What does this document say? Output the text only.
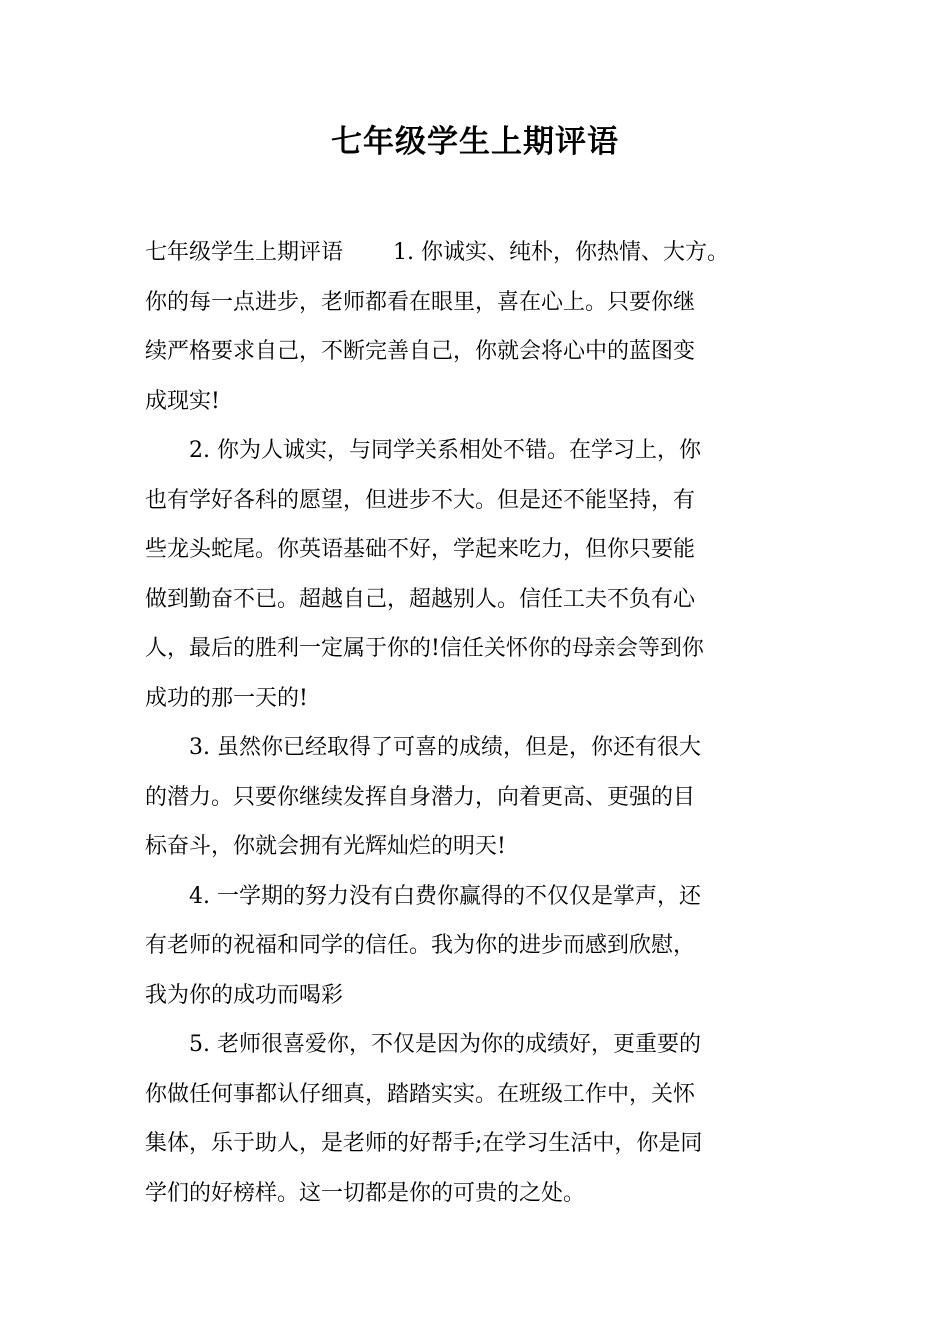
七年级学生上期评语
七年级学生上期评语 1. 你诚实、纯朴，你热情、大方。
你的每一点进步，老师都看在眼里，喜在心上。只要你继
续严格要求自己，不断完善自己，你就会将心中的蓝图变
成现实!
2. 你为人诚实，与同学关系相处不错。在学习上，你
也有学好各科的愿望，但进步不大。但是还不能坚持，有
些龙头蛇尾。你英语基础不好，学起来吃力，但你只要能
做到勤奋不已。超越自己，超越别人。信任工夫不负有心
人，最后的胜利一定属于你的!信任关怀你的母亲会等到你
成功的那一天的!
3. 虽然你已经取得了可喜的成绩，但是，你还有很大
的潜力。只要你继续发挥自身潜力，向着更高、更强的目
标奋斗，你就会拥有光辉灿烂的明天!
4. 一学期的努力没有白费你赢得的不仅仅是掌声，还
有老师的祝福和同学的信任。我为你的进步而感到欣慰，
我为你的成功而喝彩
5. 老师很喜爱你，不仅是因为你的成绩好，更重要的
你做任何事都认仔细真，踏踏实实。在班级工作中，关怀
集体，乐于助人，是老师的好帮手;在学习生活中，你是同
学们的好榜样。这一切都是你的可贵的之处。
